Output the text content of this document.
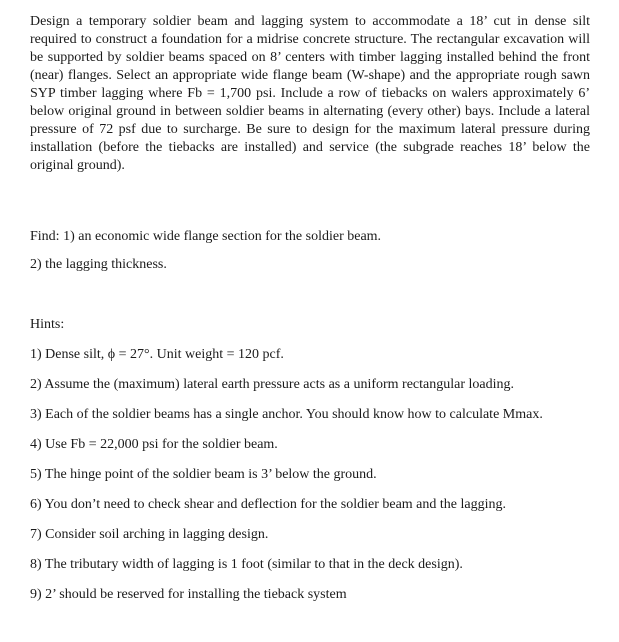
Design a temporary soldier beam and lagging system to accommodate a 18’ cut in dense silt required to construct a foundation for a midrise concrete structure. The rectangular excavation will be supported by soldier beams spaced on 8’ centers with timber lagging installed behind the front (near) flanges. Select an appropriate wide flange beam (W-shape) and the appropriate rough sawn SYP timber lagging where Fb = 1,700 psi. Include a row of tiebacks on walers approximately 6’ below original ground in between soldier beams in alternating (every other) bays. Include a lateral pressure of 72 psf due to surcharge. Be sure to design for the maximum lateral pressure during installation (before the tiebacks are installed) and service (the subgrade reaches 18’ below the original ground).

Find: 1) an economic wide flange section for the soldier beam.

2) the lagging thickness.

Hints:

1) Dense silt, ϕ = 27°. Unit weight = 120 pcf.

2) Assume the (maximum) lateral earth pressure acts as a uniform rectangular loading.

3) Each of the soldier beams has a single anchor. You should know how to calculate Mmax.

4) Use Fb = 22,000 psi for the soldier beam.

5) The hinge point of the soldier beam is 3’ below the ground.

6) You don’t need to check shear and deflection for the soldier beam and the lagging.

7) Consider soil arching in lagging design.

8) The tributary width of lagging is 1 foot (similar to that in the deck design).

9) 2’ should be reserved for installing the tieback system
